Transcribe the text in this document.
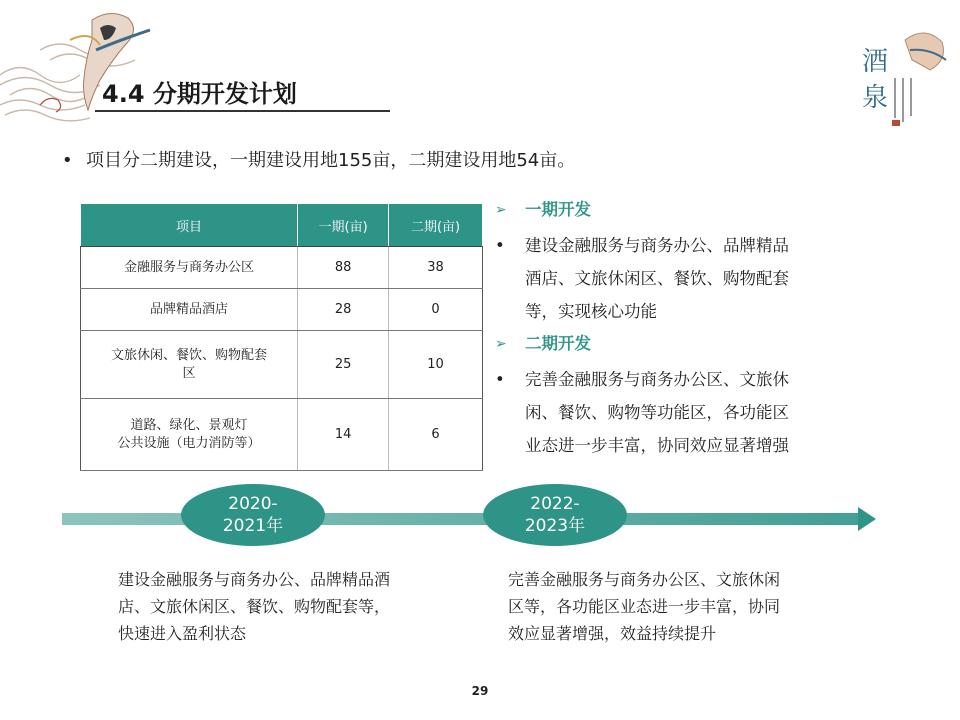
4.4 分期开发计划
酒
泉
• 项目分二期建设，一期建设用地155亩，二期建设用地54亩。
项目	一期(亩)	二期(亩)
金融服务与商务办公区	88	38
品牌精品酒店	28	0
文旅休闲、餐饮、购物配套
区	25	10
道路、绿化、景观灯
公共设施（电力消防等）	14	6
➢	一期开发
•	建设金融服务与商务办公、品牌精品
酒店、文旅休闲区、餐饮、购物配套
等，实现核心功能
➢	二期开发
•	完善金融服务与商务办公区、文旅休
闲、餐饮、购物等功能区，各功能区
业态进一步丰富，协同效应显著增强
2020-
2021年
2022-
2023年
建设金融服务与商务办公、品牌精品酒
店、文旅休闲区、餐饮、购物配套等，
快速进入盈利状态
完善金融服务与商务办公区、文旅休闲
区等，各功能区业态进一步丰富，协同
效应显著增强，效益持续提升
29
